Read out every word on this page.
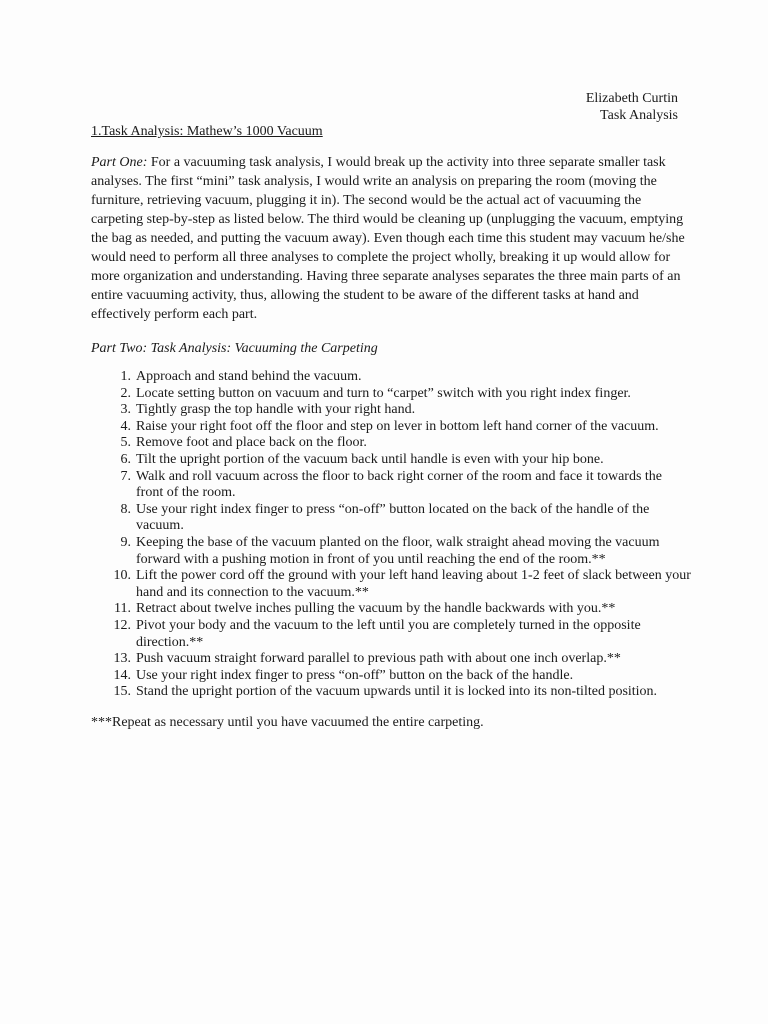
Elizabeth Curtin
Task Analysis
1.Task Analysis: Mathew’s 1000 Vacuum
Part One: For a vacuuming task analysis, I would break up the activity into three separate smaller task analyses. The first “mini” task analysis, I would write an analysis on preparing the room (moving the furniture, retrieving vacuum, plugging it in). The second would be the actual act of vacuuming the carpeting step-by-step as listed below. The third would be cleaning up (unplugging the vacuum, emptying the bag as needed, and putting the vacuum away). Even though each time this student may vacuum he/she would need to perform all three analyses to complete the project wholly, breaking it up would allow for more organization and understanding. Having three separate analyses separates the three main parts of an entire vacuuming activity, thus, allowing the student to be aware of the different tasks at hand and effectively perform each part.
Part Two: Task Analysis: Vacuuming the Carpeting
1. Approach and stand behind the vacuum.
2. Locate setting button on vacuum and turn to “carpet” switch with you right index finger.
3. Tightly grasp the top handle with your right hand.
4. Raise your right foot off the floor and step on lever in bottom left hand corner of the vacuum.
5. Remove foot and place back on the floor.
6. Tilt the upright portion of the vacuum back until handle is even with your hip bone.
7. Walk and roll vacuum across the floor to back right corner of the room and face it towards the front of the room.
8. Use your right index finger to press “on-off” button located on the back of the handle of the vacuum.
9. Keeping the base of the vacuum planted on the floor, walk straight ahead moving the vacuum forward with a pushing motion in front of you until reaching the end of the room.**
10. Lift the power cord off the ground with your left hand leaving about 1-2 feet of slack between your hand and its connection to the vacuum.**
11. Retract about twelve inches pulling the vacuum by the handle backwards with you.**
12. Pivot your body and the vacuum to the left until you are completely turned in the opposite direction.**
13. Push vacuum straight forward parallel to previous path with about one inch overlap.**
14. Use your right index finger to press “on-off” button on the back of the handle.
15. Stand the upright portion of the vacuum upwards until it is locked into its non-tilted position.
***Repeat as necessary until you have vacuumed the entire carpeting.
